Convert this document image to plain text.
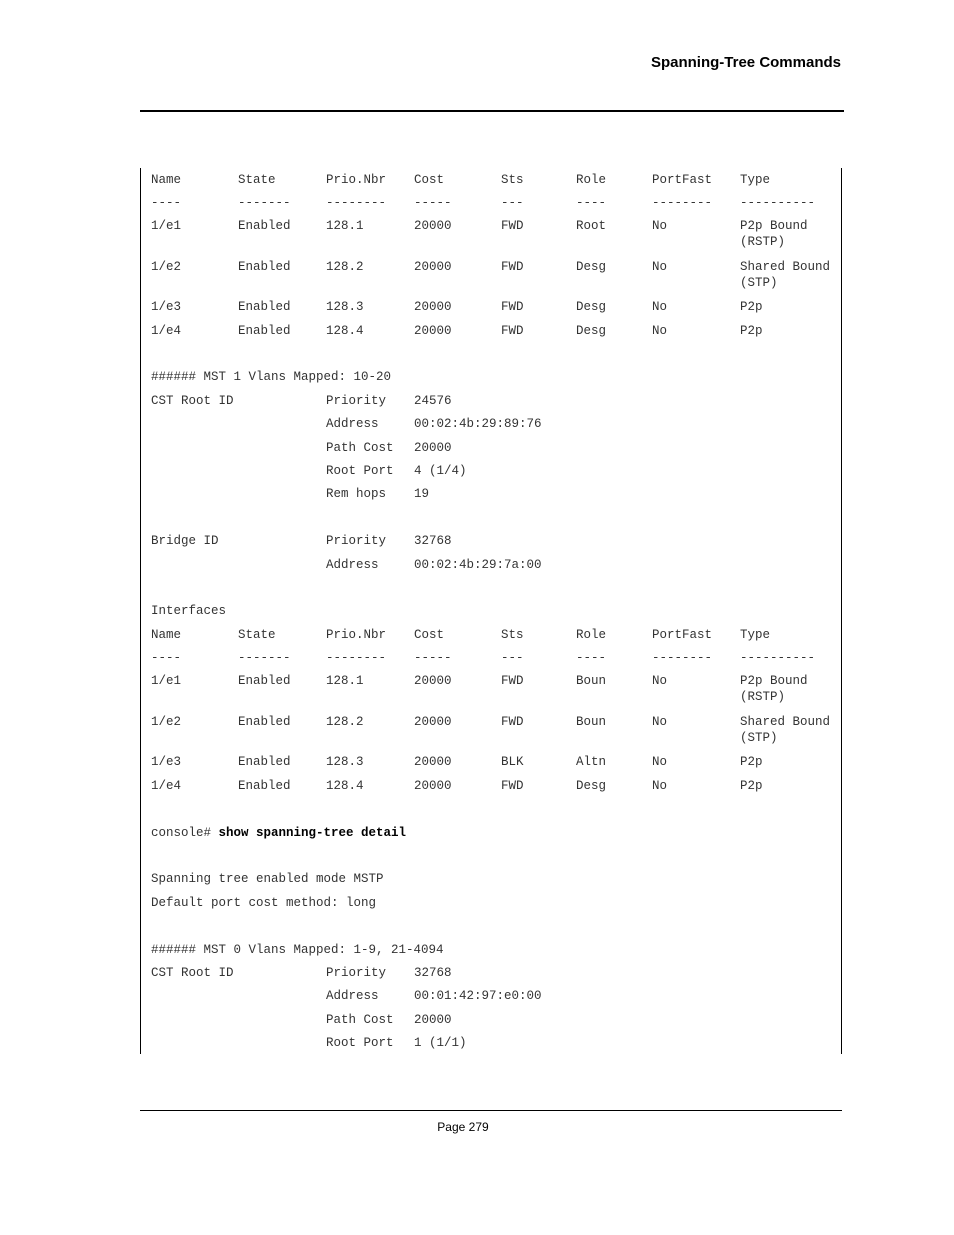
Spanning-Tree Commands
Name	State	Prio.Nbr Cost	Sts	Role	PortFast Type
----	-------	-------- -----	---	----	-------- ----------
1/e1	Enabled	128.1	20000	FWD	Root	No	P2p Bound
(RSTP)
1/e2	Enabled	128.2	20000	FWD	Desg	No	Shared Bound
(STP)
1/e3	Enabled	128.3	20000	FWD	Desg	No	P2p
1/e4	Enabled	128.4	20000	FWD	Desg	No	P2p
###### MST 1 Vlans Mapped: 10-20
CST Root ID	Priority 24576
Address	00:02:4b:29:89:76
Path Cost 20000
Root Port 4 (1/4)
Rem hops 19
Bridge ID	Priority 32768
Address	00:02:4b:29:7a:00
Interfaces
Name	State	Prio.Nbr Cost	Sts	Role	PortFast Type
----	-------	-------- -----	---	----	-------- ----------
1/e1	Enabled	128.1	20000	FWD	Boun	No	P2p Bound
(RSTP)
1/e2	Enabled	128.2	20000	FWD	Boun	No	Shared Bound
(STP)
1/e3	Enabled	128.3	20000	BLK	Altn	No	P2p
1/e4	Enabled	128.4	20000	FWD	Desg	No	P2p
console# show spanning-tree detail
Spanning tree enabled mode MSTP
Default port cost method: long
###### MST 0 Vlans Mapped: 1-9, 21-4094
CST Root ID	Priority 32768
Address	00:01:42:97:e0:00
Path Cost 20000
Root Port 1 (1/1)
Page 279
